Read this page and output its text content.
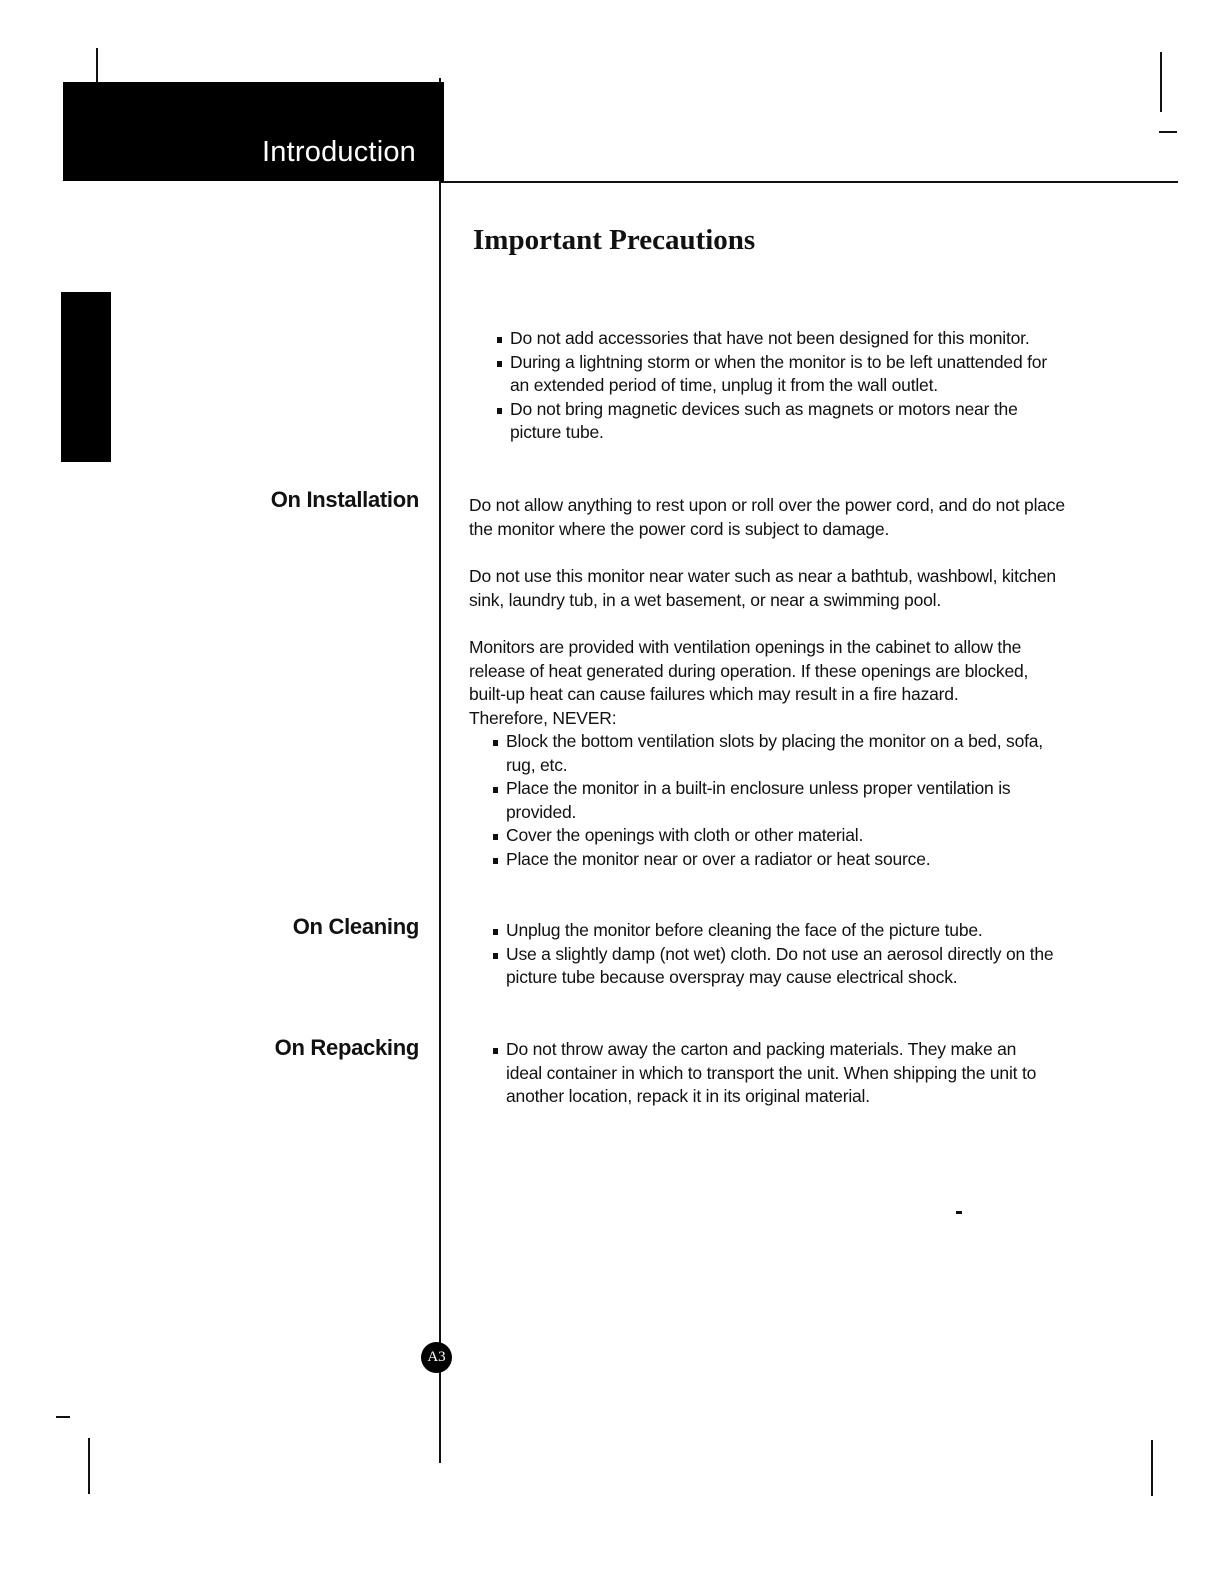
Introduction
Important Precautions
Do not add accessories that have not been designed for this monitor.
During a lightning storm or when the monitor is to be left unattended for an extended period of time, unplug it from the wall outlet.
Do not bring magnetic devices such as magnets or motors near the picture tube.
On Installation	Do not allow anything to rest upon or roll over the power cord, and do not place the monitor where the power cord is subject to damage.

Do not use this monitor near water such as near a bathtub, washbowl, kitchen sink, laundry tub, in a wet basement, or near a swimming pool.

Monitors are provided with ventilation openings in the cabinet to allow the release of heat generated during operation. If these openings are blocked, built-up heat can cause failures which may result in a fire hazard.

Therefore, NEVER:

Block the bottom ventilation slots by placing the monitor on a bed, sofa, rug, etc.
Place the monitor in a built-in enclosure unless proper ventilation is provided.
Cover the openings with cloth or other material.
Place the monitor near or over a radiator or heat source.
On Cleaning	Unplug the monitor before cleaning the face of the picture tube.
Use a slightly damp (not wet) cloth. Do not use an aerosol directly on the picture tube because overspray may cause electrical shock.
On Repacking	Do not throw away the carton and packing materials. They make an ideal container in which to transport the unit. When shipping the unit to another location, repack it in its original material.
A3
